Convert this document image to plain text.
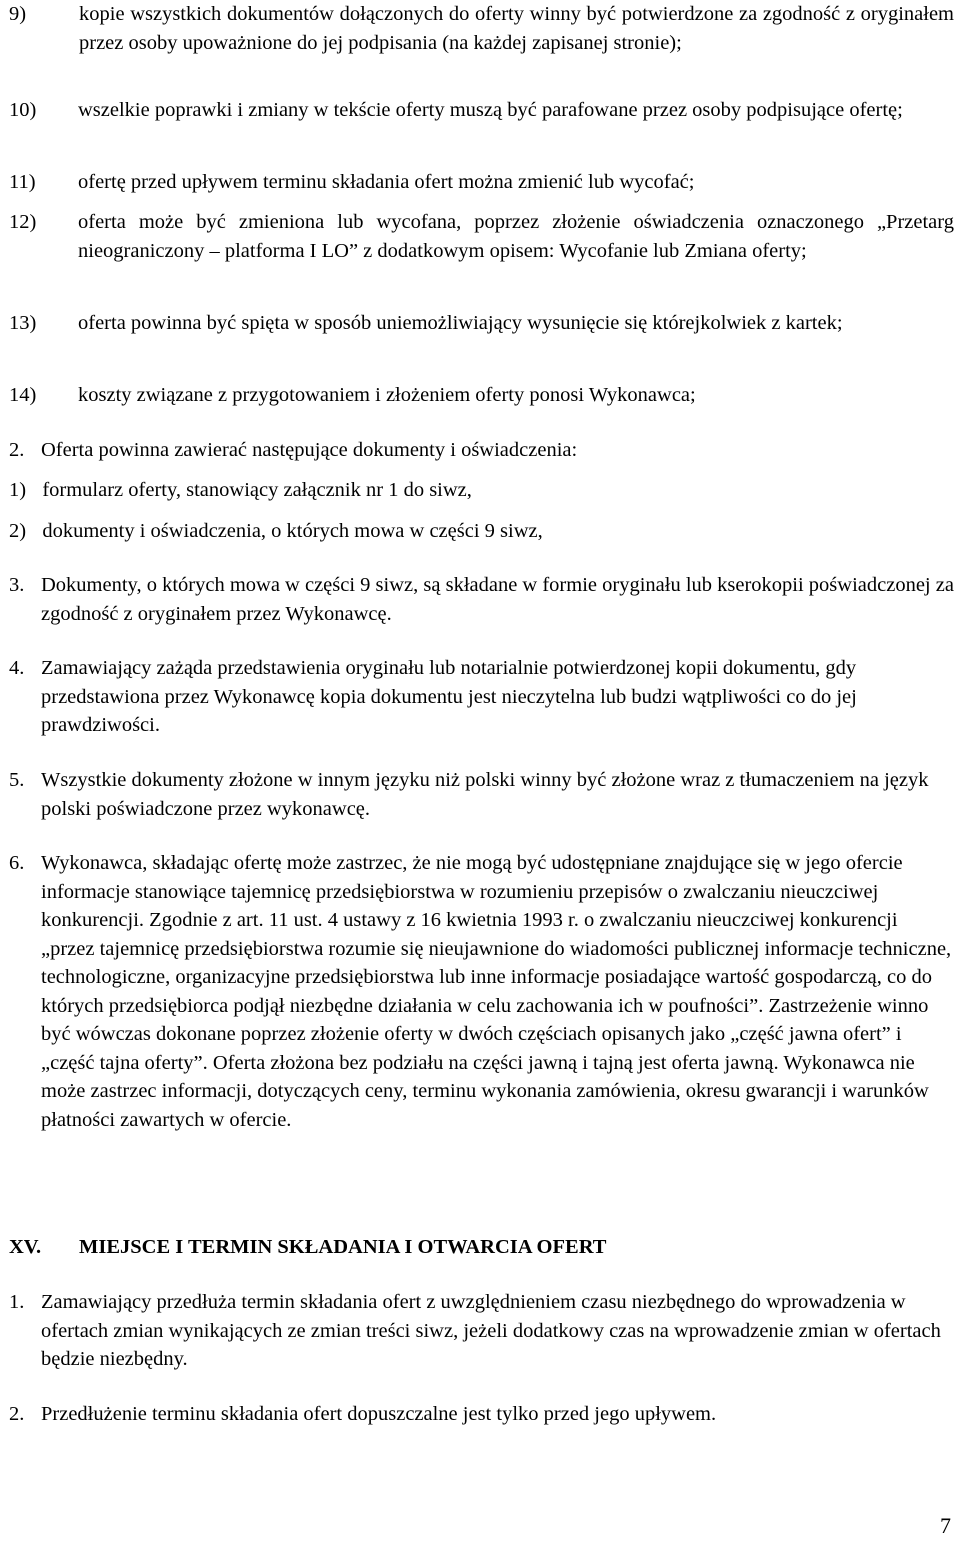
9)	kopie wszystkich dokumentów dołączonych do oferty winny być potwierdzone za zgodność z oryginałem przez osoby upoważnione do jej podpisania (na każdej zapisanej stronie);
10) wszelkie poprawki i zmiany w tekście oferty muszą być parafowane przez osoby podpisujące ofertę;
11) ofertę przed upływem terminu składania ofert można zmienić lub wycofać;
12) oferta może być zmieniona lub wycofana, poprzez złożenie oświadczenia oznaczonego „Przetarg nieograniczony – platforma I LO” z dodatkowym opisem: Wycofanie lub Zmiana oferty;
13) oferta powinna być spięta w sposób uniemożliwiający wysunięcie się którejkolwiek z kartek;
14) koszty związane z przygotowaniem i złożeniem oferty ponosi Wykonawca;
2. Oferta powinna zawierać następujące dokumenty i oświadczenia:
1) formularz oferty, stanowiący załącznik nr 1 do siwz,
2) dokumenty i oświadczenia, o których mowa w części 9 siwz,
3. Dokumenty, o których mowa w części 9 siwz, są składane w formie oryginału lub kserokopii poświadczonej za zgodność z oryginałem przez Wykonawcę.
4. Zamawiający zażąda przedstawienia oryginału lub notarialnie potwierdzonej kopii dokumentu, gdy przedstawiona przez Wykonawcę kopia dokumentu jest nieczytelna lub budzi wątpliwości co do jej prawdziwości.
5. Wszystkie dokumenty złożone w innym języku niż polski winny być złożone wraz z tłumaczeniem na język polski poświadczone przez wykonawcę.
6. Wykonawca, składając ofertę może zastrzec, że nie mogą być udostępniane znajdujące się w jego ofercie informacje stanowiące tajemnicę przedsiębiorstwa w rozumieniu przepisów o zwalczaniu nieuczciwej konkurencji. Zgodnie z art. 11 ust. 4 ustawy z 16 kwietnia 1993 r. o zwalczaniu nieuczciwej konkurencji „przez tajemnicę przedsiębiorstwa rozumie się nieujawnione do wiadomości publicznej informacje techniczne, technologiczne, organizacyjne przedsiębiorstwa lub inne informacje posiadające wartość gospodarczą, co do których przedsiębiorca podjął niezbędne działania w celu zachowania ich w poufności”. Zastrzeżenie winno być wówczas dokonane poprzez złożenie oferty w dwóch częściach opisanych jako „część jawna ofert” i „część tajna oferty”. Oferta złożona bez podziału na części jawną i tajną jest oferta jawną. Wykonawca nie może zastrzec informacji, dotyczących ceny, terminu wykonania zamówienia, okresu gwarancji i warunków płatności zawartych w ofercie.
XV. MIEJSCE I TERMIN SKŁADANIA I OTWARCIA OFERT
1. Zamawiający przedłuża termin składania ofert z uwzględnieniem czasu niezbędnego do wprowadzenia w ofertach zmian wynikających ze zmian treści siwz, jeżeli dodatkowy czas na wprowadzenie zmian w ofertach będzie niezbędny.
2. Przedłużenie terminu składania ofert dopuszczalne jest tylko przed jego upływem.
7
